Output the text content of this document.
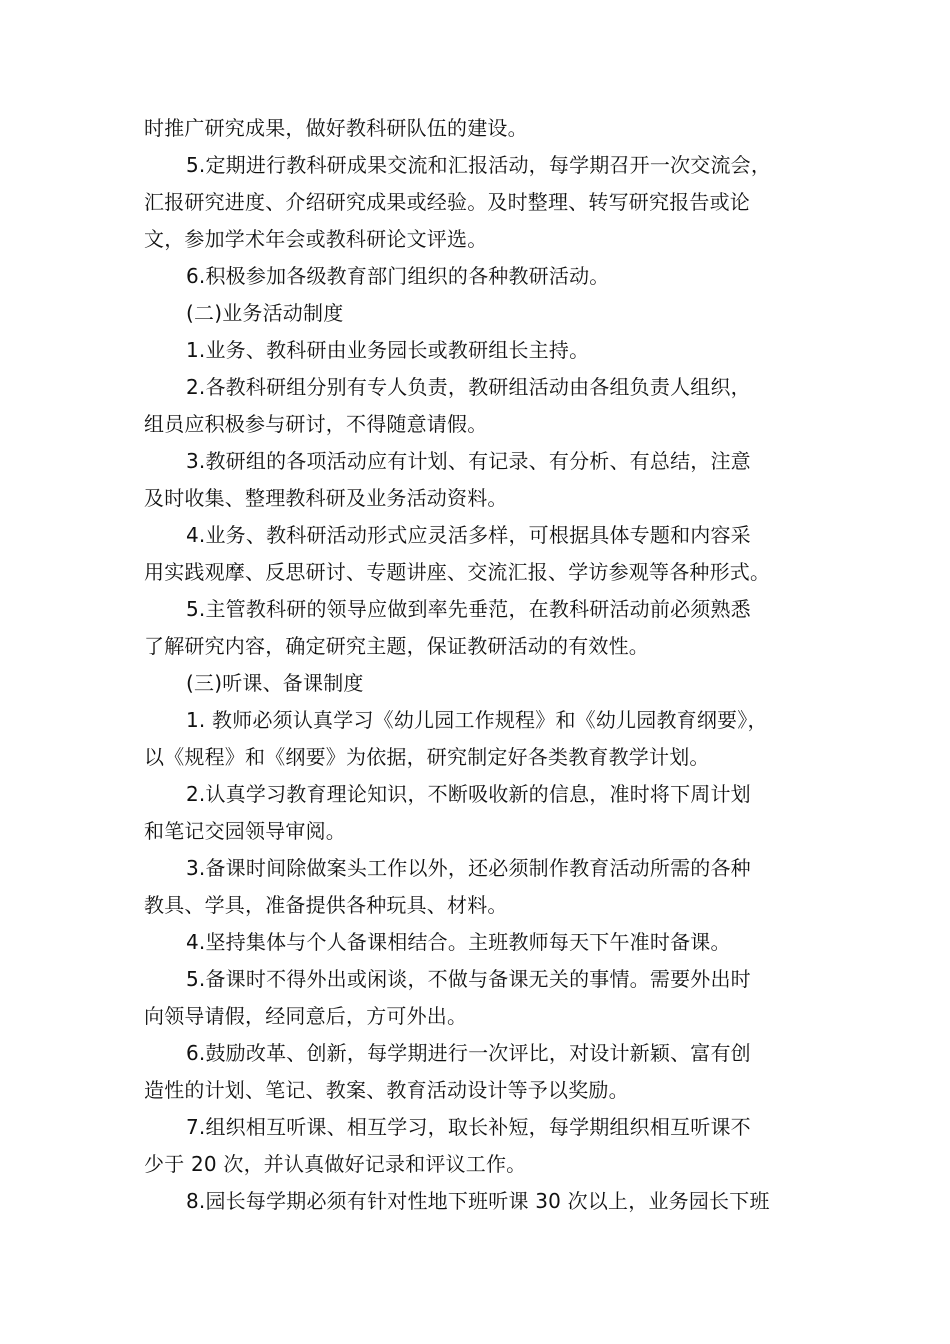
时推广研究成果，做好教科研队伍的建设。
5.定期进行教科研成果交流和汇报活动，每学期召开一次交流会，
汇报研究进度、介绍研究成果或经验。及时整理、转写研究报告或论
文，参加学术年会或教科研论文评选。
6.积极参加各级教育部门组织的各种教研活动。
(二)业务活动制度
1.业务、教科研由业务园长或教研组长主持。
2.各教科研组分别有专人负责，教研组活动由各组负责人组织，
组员应积极参与研讨，不得随意请假。
3.教研组的各项活动应有计划、有记录、有分析、有总结，注意
及时收集、整理教科研及业务活动资料。
4.业务、教科研活动形式应灵活多样，可根据具体专题和内容采
用实践观摩、反思研讨、专题讲座、交流汇报、学访参观等各种形式。
5.主管教科研的领导应做到率先垂范，在教科研活动前必须熟悉
了解研究内容，确定研究主题，保证教研活动的有效性。
(三)听课、备课制度
1. 教师必须认真学习《幼儿园工作规程》和《幼儿园教育纲要》，
以《规程》和《纲要》为依据，研究制定好各类教育教学计划。
2.认真学习教育理论知识，不断吸收新的信息，准时将下周计划
和笔记交园领导审阅。
3.备课时间除做案头工作以外，还必须制作教育活动所需的各种
教具、学具，准备提供各种玩具、材料。
4.坚持集体与个人备课相结合。主班教师每天下午准时备课。
5.备课时不得外出或闲谈，不做与备课无关的事情。需要外出时
向领导请假，经同意后，方可外出。
6.鼓励改革、创新，每学期进行一次评比，对设计新颖、富有创
造性的计划、笔记、教案、教育活动设计等予以奖励。
7.组织相互听课、相互学习，取长补短，每学期组织相互听课不
少于 20 次，并认真做好记录和评议工作。
8.园长每学期必须有针对性地下班听课 30 次以上，业务园长下班
